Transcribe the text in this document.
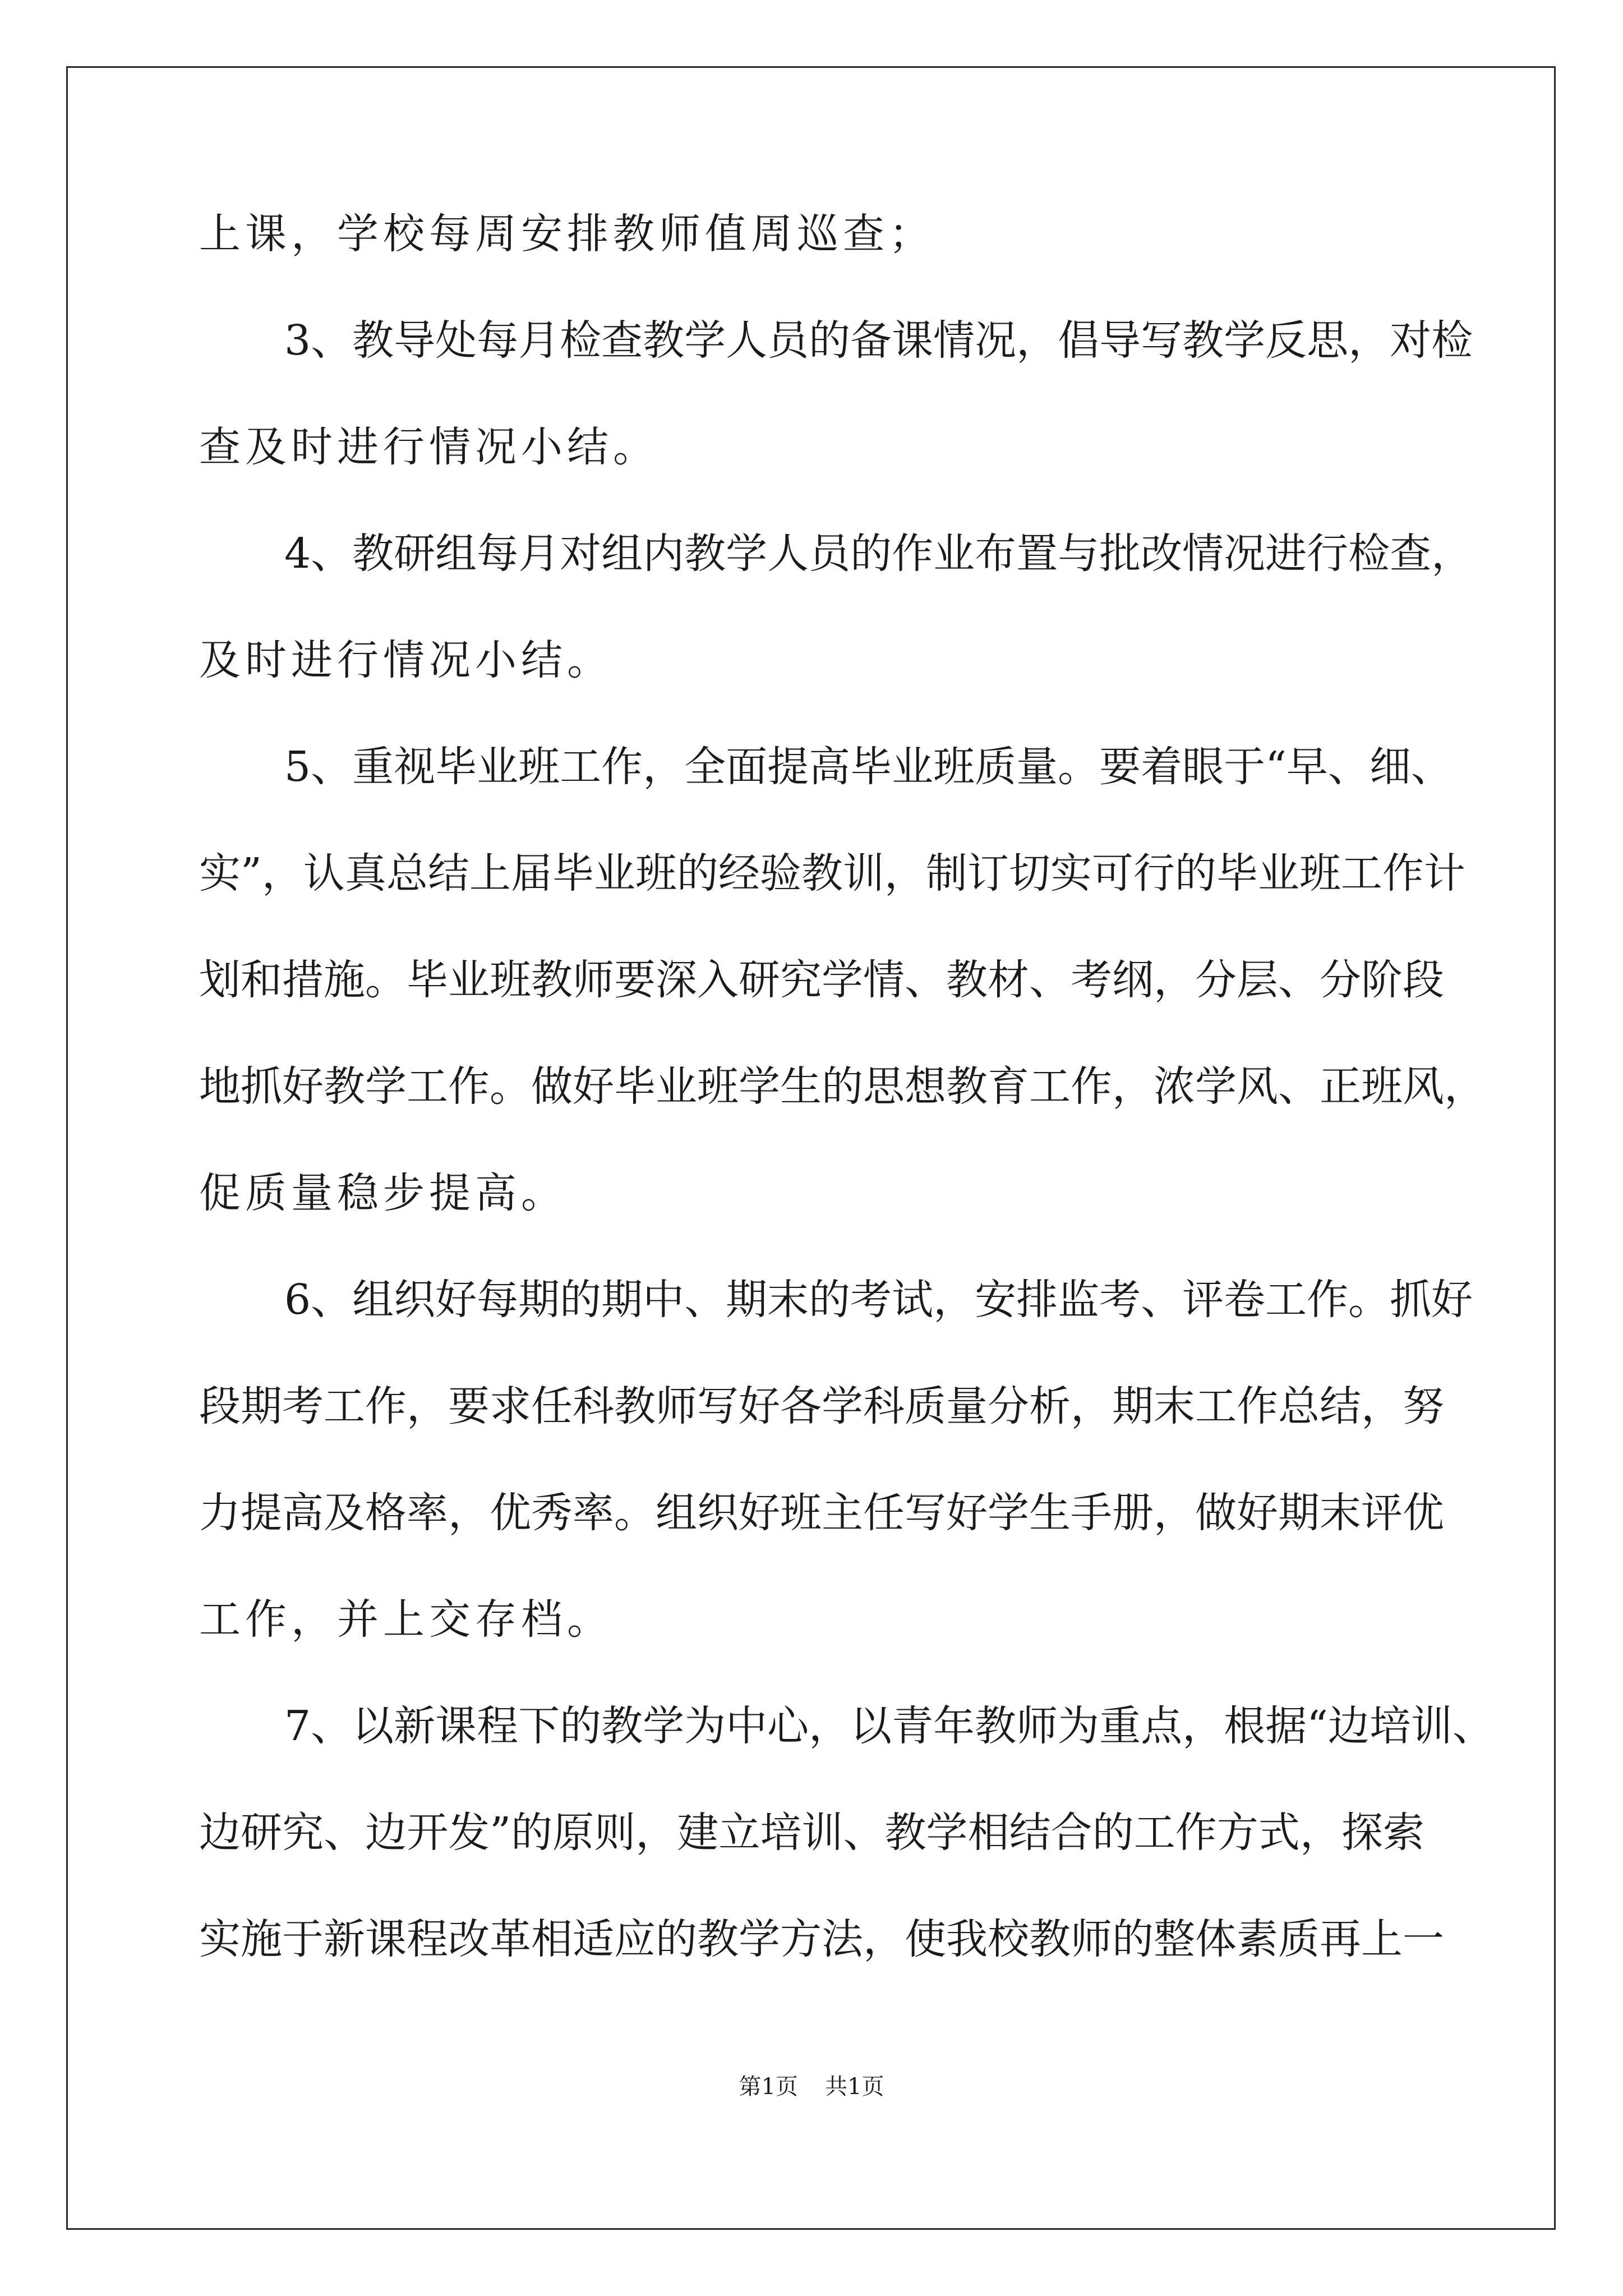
上课，学校每周安排教师值周巡查；
3、教导处每月检查教学人员的备课情况，倡导写教学反思，对检
查及时进行情况小结。
4、教研组每月对组内教学人员的作业布置与批改情况进行检查，
及时进行情况小结。
5、重视毕业班工作，全面提高毕业班质量。要着眼于“早、细、
实”，认真总结上届毕业班的经验教训，制订切实可行的毕业班工作计
划和措施。毕业班教师要深入研究学情、教材、考纲，分层、分阶段
地抓好教学工作。做好毕业班学生的思想教育工作，浓学风、正班风，
促质量稳步提高。
6、组织好每期的期中、期末的考试，安排监考、评卷工作。抓好
段期考工作，要求任科教师写好各学科质量分析，期末工作总结，努
力提高及格率，优秀率。组织好班主任写好学生手册，做好期末评优
工作，并上交存档。
7、以新课程下的教学为中心，以青年教师为重点，根据“边培训、
边研究、边开发”的原则，建立培训、教学相结合的工作方式，探索
实施于新课程改革相适应的教学方法，使我校教师的整体素质再上一
第1页 共1页
